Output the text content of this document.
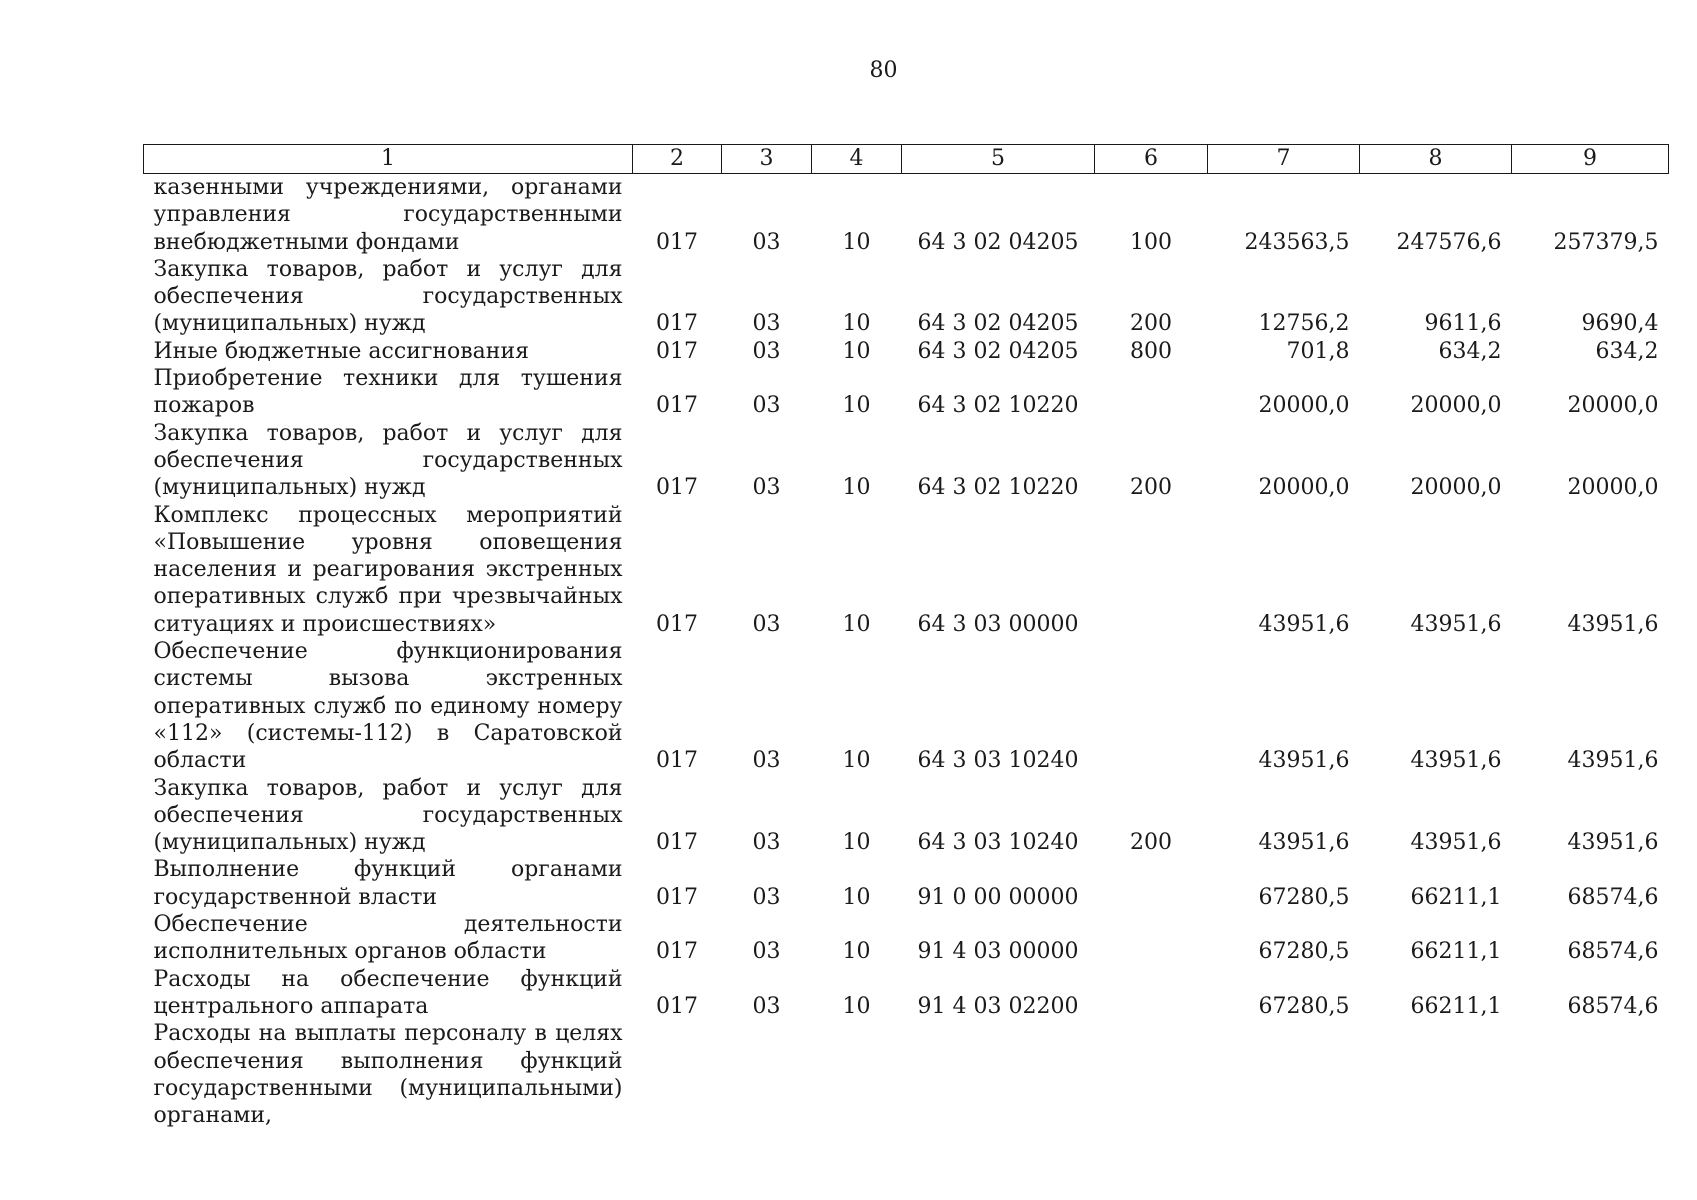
80
1	2	3	4	5	6	7	8	9
казенными учреждениями, органами управления государственными внебюджетными фондами	017	03	10	64 3 02 04205	100	243563,5	247576,6	257379,5
Закупка товаров, работ и услуг для обеспечения государственных (муниципальных) нужд	017	03	10	64 3 02 04205	200	12756,2	9611,6	9690,4
Иные бюджетные ассигнования	017	03	10	64 3 02 04205	800	701,8	634,2	634,2
Приобретение техники для тушения пожаров	017	03	10	64 3 02 10220		20000,0	20000,0	20000,0
Закупка товаров, работ и услуг для обеспечения государственных (муниципальных) нужд	017	03	10	64 3 02 10220	200	20000,0	20000,0	20000,0
Комплекс процессных мероприятий «Повышение уровня оповещения населения и реагирования экстренных оперативных служб при чрезвычайных ситуациях и происшествиях»	017	03	10	64 3 03 00000		43951,6	43951,6	43951,6
Обеспечение функционирования системы вызова экстренных оперативных служб по единому номеру «112» (системы-112) в Саратовской области	017	03	10	64 3 03 10240		43951,6	43951,6	43951,6
Закупка товаров, работ и услуг для обеспечения государственных (муниципальных) нужд	017	03	10	64 3 03 10240	200	43951,6	43951,6	43951,6
Выполнение функций органами государственной власти	017	03	10	91 0 00 00000		67280,5	66211,1	68574,6
Обеспечение деятельности исполнительных органов области	017	03	10	91 4 03 00000		67280,5	66211,1	68574,6
Расходы на обеспечение функций центрального аппарата	017	03	10	91 4 03 02200		67280,5	66211,1	68574,6
Расходы на выплаты персоналу в целях обеспечения выполнения функций государственными (муниципальными) органами,								
